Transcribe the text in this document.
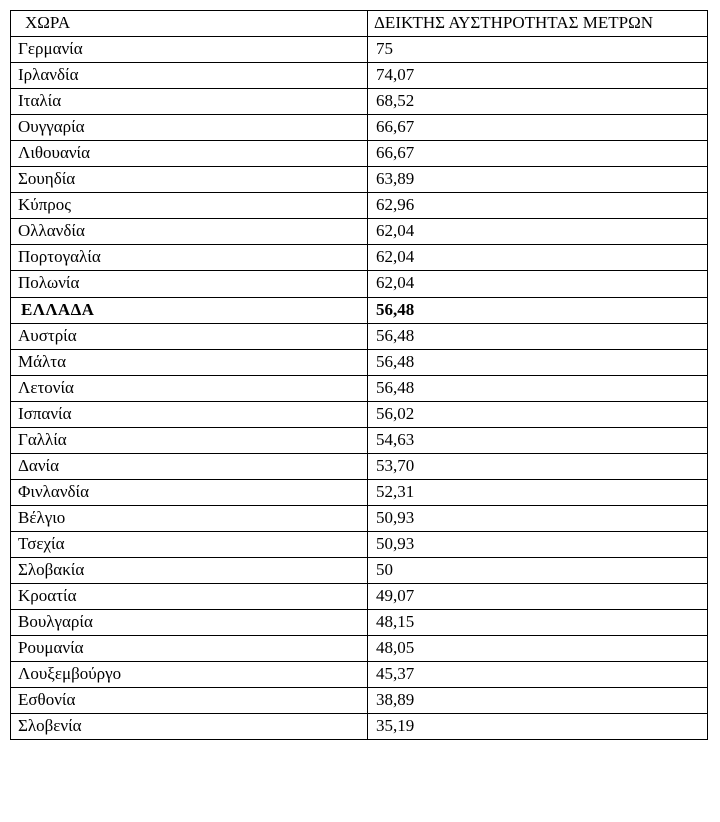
ΧΩΡΑ	ΔΕΙΚΤΗΣ ΑΥΣΤΗΡΟΤΗΤΑΣ ΜΕΤΡΩΝ
Γερμανία	75
Ιρλανδία	74,07
Ιταλία	68,52
Ουγγαρία	66,67
Λιθουανία	66,67
Σουηδία	63,89
Κύπρος	62,96
Ολλανδία	62,04
Πορτογαλία	62,04
Πολωνία	62,04
ΕΛΛΑΔΑ	56,48
Αυστρία	56,48
Μάλτα	56,48
Λετονία	56,48
Ισπανία	56,02
Γαλλία	54,63
Δανία	53,70
Φινλανδία	52,31
Βέλγιο	50,93
Τσεχία	50,93
Σλοβακία	50
Κροατία	49,07
Βουλγαρία	48,15
Ρουμανία	48,05
Λουξεμβούργο	45,37
Εσθονία	38,89
Σλοβενία	35,19
